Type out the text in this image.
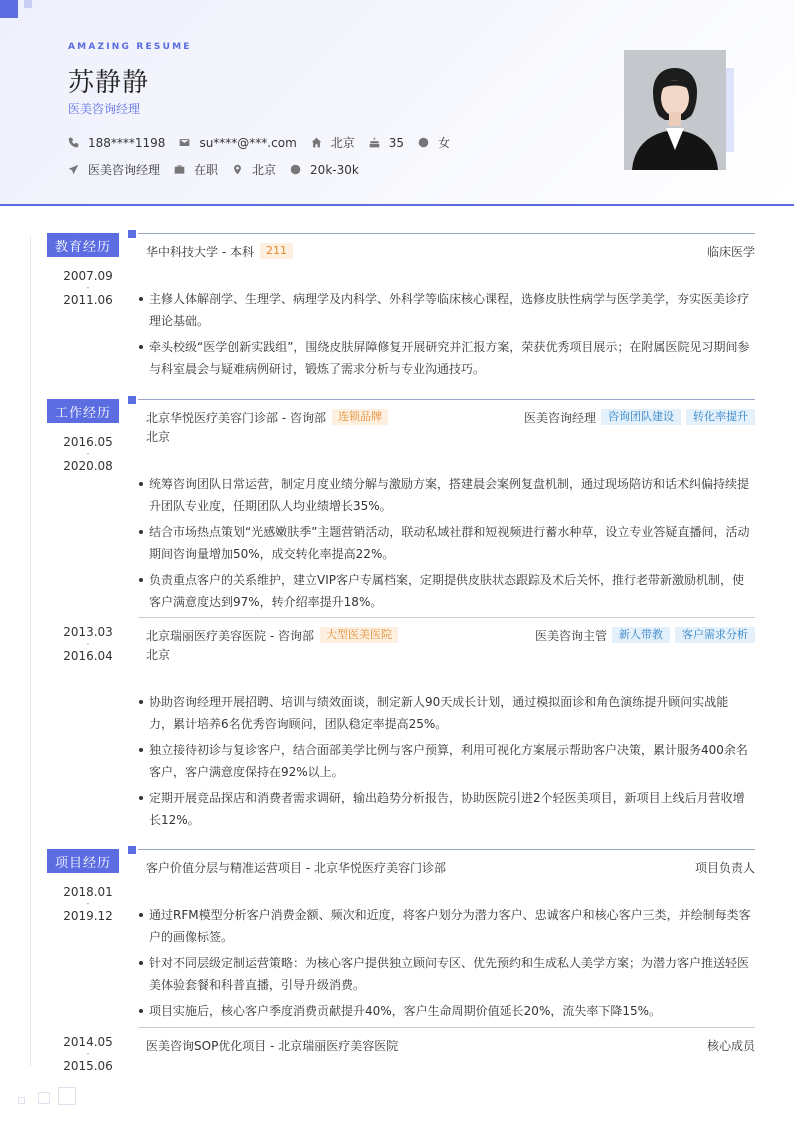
AMAZING RESUME
苏静静
医美咨询经理
188****1198	su****@***.com	北京	35	女
医美咨询经理	在职	北京	20k-30k
教育经历
2007.09
-
2011.06
华中科技大学 - 本科	211	临床医学
主修人体解剖学、生理学、病理学及内科学、外科学等临床核心课程，选修皮肤性病学与医学美学，夯实医美诊疗理论基础。
牵头校级“医学创新实践组”，围绕皮肤屏障修复开展研究并汇报方案，荣获优秀项目展示；在附属医院见习期间参与科室晨会与疑难病例研讨，锻炼了需求分析与专业沟通技巧。
工作经历
2016.05
-
2020.08
北京华悦医疗美容门诊部 - 咨询部	连锁品牌	医美咨询经理	咨询团队建设	转化率提升
北京
统筹咨询团队日常运营，制定月度业绩分解与激励方案，搭建晨会案例复盘机制，通过现场陪访和话术纠偏持续提升团队专业度，任期团队人均业绩增长35%。
结合市场热点策划“光感嫩肤季”主题营销活动，联动私域社群和短视频进行蓄水种草，设立专业答疑直播间，活动期间咨询量增加50%，成交转化率提高22%。
负责重点客户的关系维护，建立VIP客户专属档案，定期提供皮肤状态跟踪及术后关怀，推行老带新激励机制，使客户满意度达到97%，转介绍率提升18%。
2013.03
-
2016.04
北京瑞丽医疗美容医院 - 咨询部	大型医美医院	医美咨询主管	新人带教	客户需求分析
北京
协助咨询经理开展招聘、培训与绩效面谈，制定新人90天成长计划，通过模拟面诊和角色演练提升顾问实战能力，累计培养6名优秀咨询顾问，团队稳定率提高25%。
独立接待初诊与复诊客户，结合面部美学比例与客户预算，利用可视化方案展示帮助客户决策，累计服务400余名客户，客户满意度保持在92%以上。
定期开展竞品探店和消费者需求调研，输出趋势分析报告，协助医院引进2个轻医美项目，新项目上线后月营收增长12%。
项目经历
2018.01
-
2019.12
客户价值分层与精准运营项目 - 北京华悦医疗美容门诊部	项目负责人
通过RFM模型分析客户消费金额、频次和近度，将客户划分为潜力客户、忠诚客户和核心客户三类，并绘制每类客户的画像标签。
针对不同层级定制运营策略：为核心客户提供独立顾问专区、优先预约和生成私人美学方案；为潜力客户推送轻医美体验套餐和科普直播，引导升级消费。
项目实施后，核心客户季度消费贡献提升40%，客户生命周期价值延长20%，流失率下降15%。
2014.05
-
2015.06
医美咨询SOP优化项目 - 北京瑞丽医疗美容医院	核心成员
